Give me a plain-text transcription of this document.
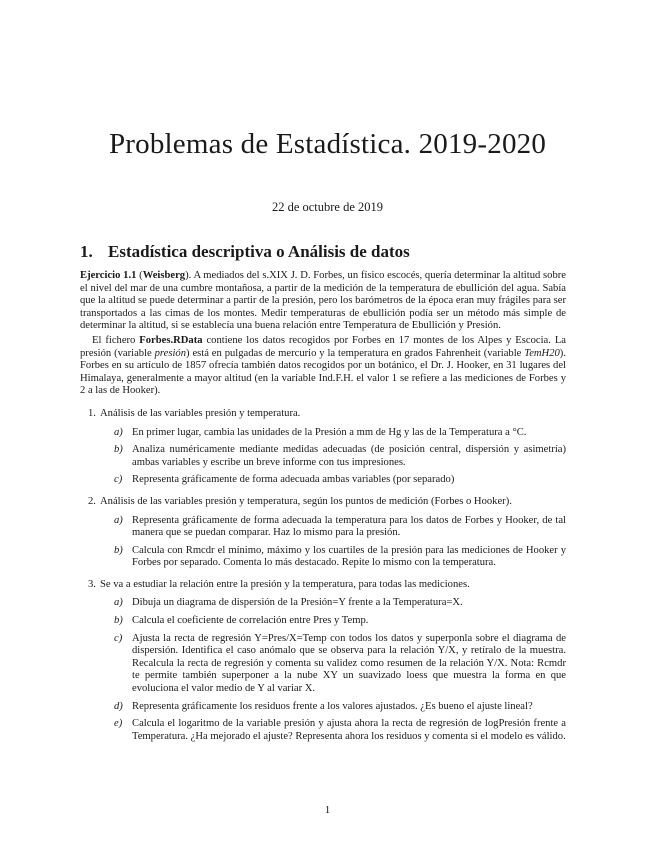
Problemas de Estadística. 2019-2020
22 de octubre de 2019
1. Estadística descriptiva o Análisis de datos

Ejercicio 1.1 (Weisberg). A mediados del s.XIX J. D. Forbes, un físico escocés, quería determinar la altitud sobre el nivel del mar de una cumbre montañosa, a partir de la medición de la temperatura de ebullición del agua. Sabía que la altitud se puede determinar a partir de la presión, pero los barómetros de la época eran muy frágiles para ser transportados a las cimas de los montes. Medir temperaturas de ebullición podía ser un método más simple de determinar la altitud, si se establecía una buena relación entre Temperatura de Ebullición y Presión.

El fichero Forbes.RData contiene los datos recogidos por Forbes en 17 montes de los Alpes y Escocia. La presión (variable presión) está en pulgadas de mercurio y la temperatura en grados Fahrenheit (variable TemH20). Forbes en su artículo de 1857 ofrecía también datos recogidos por un botánico, el Dr. J. Hooker, en 31 lugares del Himalaya, generalmente a mayor altitud (en la variable Ind.F.H. el valor 1 se refiere a las mediciones de Forbes y 2 a las de Hooker).

1. Análisis de las variables presión y temperatura.
a) En primer lugar, cambia las unidades de la Presión a mm de Hg y las de la Temperatura a °C.
b) Analiza numéricamente mediante medidas adecuadas (de posición central, dispersión y asimetría) ambas variables y escribe un breve informe con tus impresiones.
c) Representa gráficamente de forma adecuada ambas variables (por separado)
2. Análisis de las variables presión y temperatura, según los puntos de medición (Forbes o Hooker).
a) Representa gráficamente de forma adecuada la temperatura para los datos de Forbes y Hooker, de tal manera que se puedan comparar. Haz lo mismo para la presión.
b) Calcula con Rmcdr el mínimo, máximo y los cuartiles de la presión para las mediciones de Hooker y Forbes por separado. Comenta lo más destacado. Repite lo mismo con la temperatura.
3. Se va a estudiar la relación entre la presión y la temperatura, para todas las mediciones.
a) Dibuja un diagrama de dispersión de la Presión=Y frente a la Temperatura=X.
b) Calcula el coeficiente de correlación entre Pres y Temp.
c) Ajusta la recta de regresión Y=Pres/X=Temp con todos los datos y superponla sobre el diagrama de dispersión. Identifica el caso anómalo que se observa para la relación Y/X, y retíralo de la muestra. Recalcula la recta de regresión y comenta su validez como resumen de la relación Y/X. Nota: Rcmdr te permite también superponer a la nube XY un suavizado loess que muestra la forma en que evoluciona el valor medio de Y al variar X.
d) Representa gráficamente los residuos frente a los valores ajustados. ¿Es bueno el ajuste lineal?
e) Calcula el logaritmo de la variable presión y ajusta ahora la recta de regresión de logPresión frente a Temperatura. ¿Ha mejorado el ajuste? Representa ahora los residuos y comenta si el modelo es válido.
1
